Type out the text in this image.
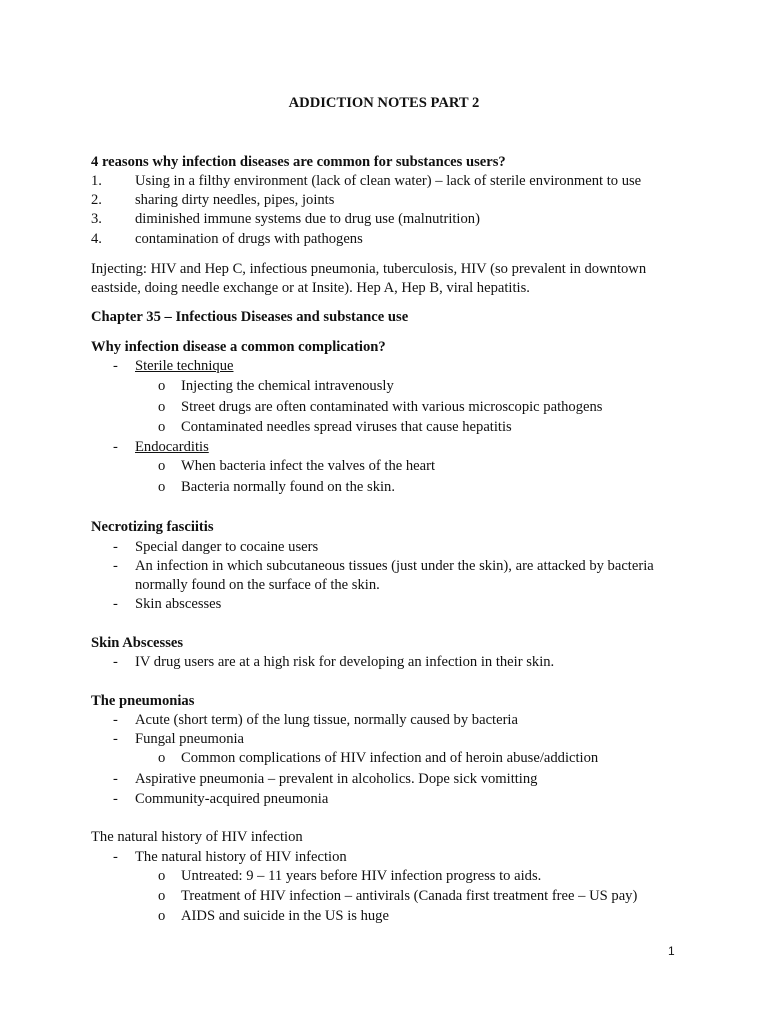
ADDICTION NOTES PART 2
4 reasons why infection diseases are common for substances users?
1. Using in a filthy environment (lack of clean water) – lack of sterile environment to use
2. sharing dirty needles, pipes, joints
3. diminished immune systems due to drug use (malnutrition)
4. contamination of drugs with pathogens
Injecting: HIV and Hep C, infectious pneumonia, tuberculosis, HIV (so prevalent in downtown
eastside, doing needle exchange or at Insite). Hep A, Hep B, viral hepatitis.
Chapter 35 – Infectious Diseases and substance use
Why infection disease a common complication?
- Sterile technique
o Injecting the chemical intravenously
o Street drugs are often contaminated with various microscopic pathogens
o Contaminated needles spread viruses that cause hepatitis
- Endocarditis
o When bacteria infect the valves of the heart
o Bacteria normally found on the skin.
Necrotizing fasciitis
- Special danger to cocaine users
- An infection in which subcutaneous tissues (just under the skin), are attacked by bacteria
normally found on the surface of the skin.
- Skin abscesses
Skin Abscesses
- IV drug users are at a high risk for developing an infection in their skin.
The pneumonias
- Acute (short term) of the lung tissue, normally caused by bacteria
- Fungal pneumonia
o Common complications of HIV infection and of heroin abuse/addiction
- Aspirative pneumonia – prevalent in alcoholics. Dope sick vomitting
- Community-acquired pneumonia
The natural history of HIV infection
- The natural history of HIV infection
o Untreated: 9 – 11 years before HIV infection progress to aids.
o Treatment of HIV infection – antivirals (Canada first treatment free – US pay)
o AIDS and suicide in the US is huge
1
